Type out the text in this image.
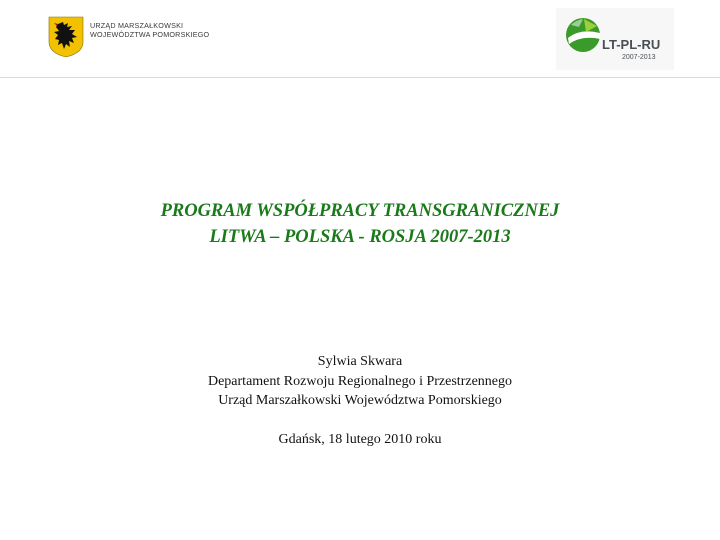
URZĄD MARSZAŁKOWSKI
WOJEWÓDZTWA POMORSKIEGO
LT-PL-RU
2007-2013
PROGRAM WSPÓŁPRACY TRANSGRANICZNEJ
LITWA – POLSKA - ROSJA 2007-2013
Sylwia Skwara
Departament Rozwoju Regionalnego i Przestrzennego
Urząd Marszałkowski Województwa Pomorskiego
Gdańsk, 18 lutego 2010 roku
